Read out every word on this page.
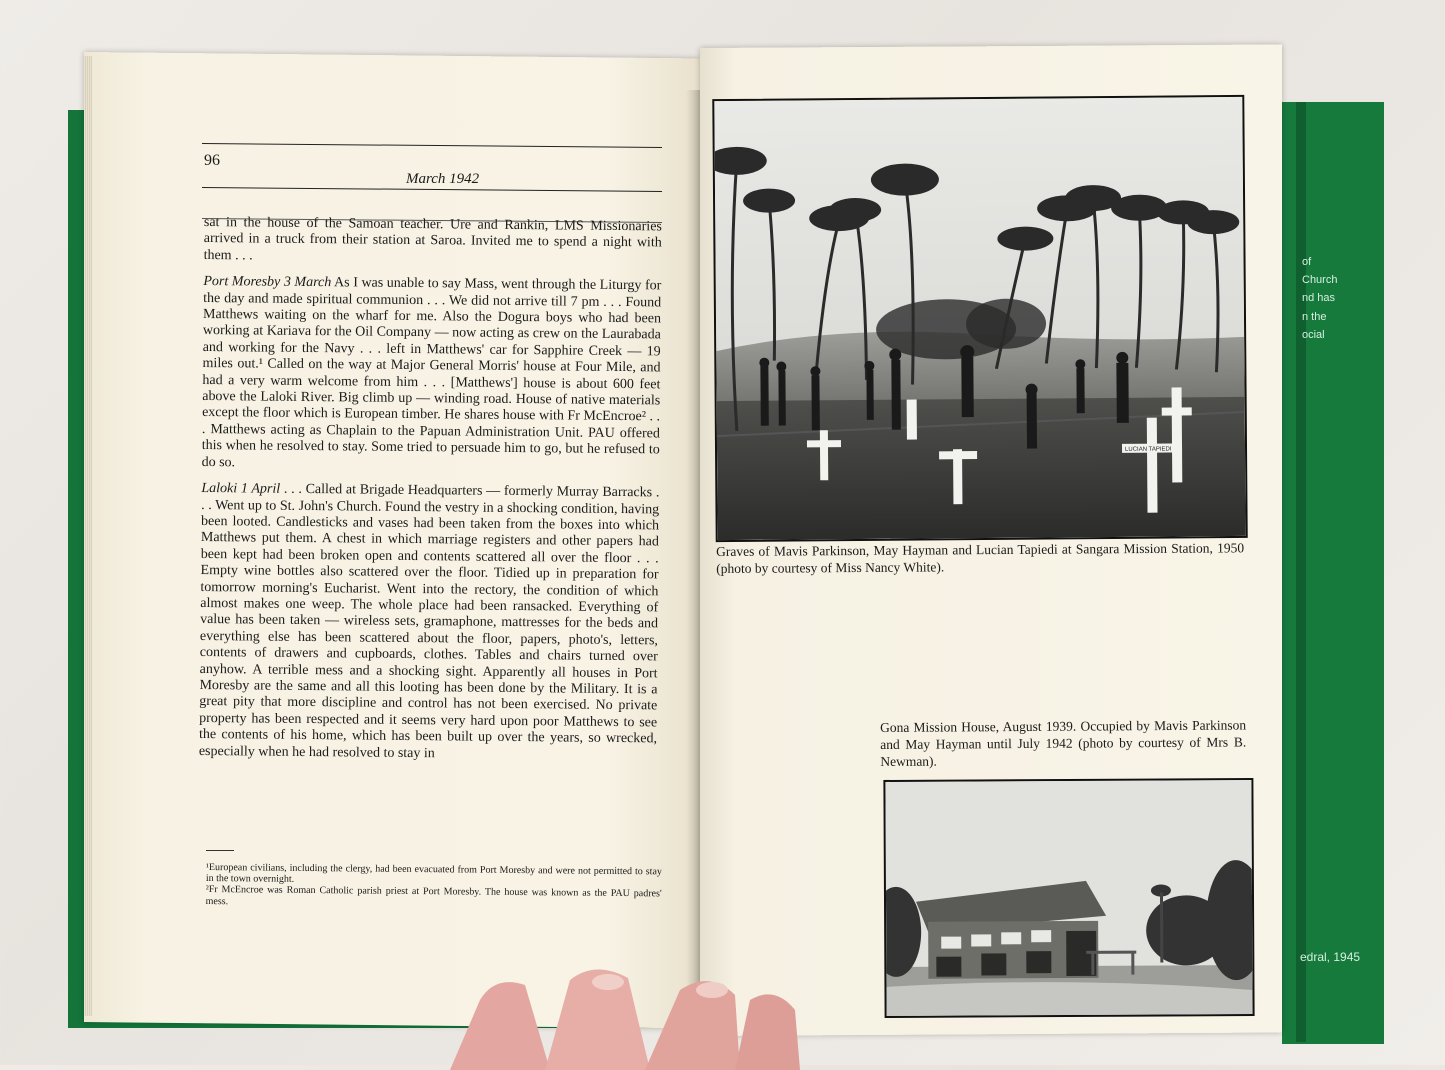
of
Church
nd has
n the
ocial
edral, 1945
96
March 1942

sat in the house of the Samoan teacher. Ure and Rankin, LMS Missionaries arrived in a truck from their station at Saroa. Invited me to spend a night with them . . .

Port Moresby 3 March As I was unable to say Mass, went through the Liturgy for the day and made spiritual communion . . . We did not arrive till 7 pm . . . Found Matthews waiting on the wharf for me. Also the Dogura boys who had been working at Kariava for the Oil Company — now acting as crew on the Laurabada and working for the Navy . . . left in Matthews' car for Sapphire Creek — 19 miles out.¹ Called on the way at Major General Morris' house at Four Mile, and had a very warm welcome from him . . . [Matthews'] house is about 600 feet above the Laloki River. Big climb up — winding road. House of native materials except the floor which is European timber. He shares house with Fr McEncroe² . . . Matthews acting as Chaplain to the Papuan Administration Unit. PAU offered this when he resolved to stay. Some tried to persuade him to go, but he refused to do so.

Laloki 1 April . . . Called at Brigade Headquarters — formerly Murray Barracks . . . Went up to St. John's Church. Found the vestry in a shocking condition, having been looted. Candlesticks and vases had been taken from the boxes into which Matthews put them. A chest in which marriage registers and other papers had been kept had been broken open and contents scattered all over the floor . . . Empty wine bottles also scattered over the floor. Tidied up in preparation for tomorrow morning's Eucharist. Went into the rectory, the condition of which almost makes one weep. The whole place had been ransacked. Everything of value has been taken — wireless sets, gramaphone, mattresses for the beds and everything else has been scattered about the floor, papers, photo's, letters, contents of drawers and cupboards, clothes. Tables and chairs turned over anyhow. A terrible mess and a shocking sight. Apparently all houses in Port Moresby are the same and all this looting has been done by the Military. It is a great pity that more discipline and control has not been exercised. No private property has been respected and it seems very hard upon poor Matthews to see the contents of his home, which has been built up over the years, so wrecked, especially when he had resolved to stay in

¹European civilians, including the clergy, had been evacuated from Port Moresby and were not permitted to stay in the town overnight.

²Fr McEncroe was Roman Catholic parish priest at Port Moresby. The house was known as the PAU padres' mess.

LUCIAN TAPIEDI
Graves of Mavis Parkinson, May Hayman and Lucian Tapiedi at Sangara Mission Station, 1950 (photo by courtesy of Miss Nancy White).
Gona Mission House, August 1939. Occupied by Mavis Parkinson and May Hayman until July 1942 (photo by courtesy of Mrs B. Newman).
